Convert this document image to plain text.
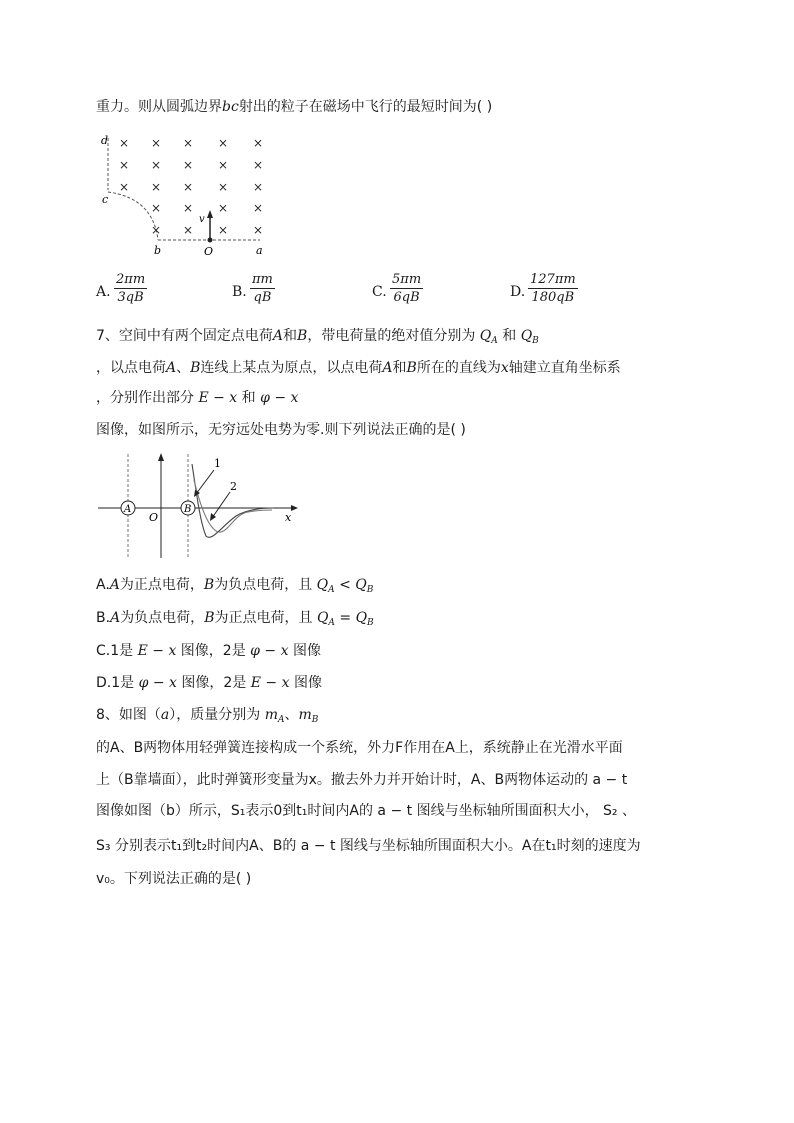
重力。则从圆弧边界bc射出的粒子在磁场中飞行的最短时间为( )
× × × × ×
× × × × ×
× × × × ×
× × × ×
× × × ×
d
c
b	O	a
v
A. $\frac{2\pi m}{3qB}$	B. $\frac{\pi m}{qB}$	C. $\frac{5\pi m}{6qB}$	D. $\frac{127\pi m}{180qB}$
7、空间中有两个固定点电荷A和B，带电荷量的绝对值分别为 $Q_A$ 和 $Q_B$
，以点电荷A、B连线上某点为原点，以点电荷A和B所在的直线为x轴建立直角坐标系
，分别作出部分 E − x 和 φ − x
图像，如图所示，无穷远处电势为零.则下列说法正确的是( )
A	B
O	x
1
2
A.A为正点电荷，B为负点电荷，且 $Q_A < Q_B$
B.A为负点电荷，B为正点电荷，且 $Q_A = Q_B$
C.1是 E − x 图像，2是 φ − x 图像
D.1是 φ − x 图像，2是 E − x 图像
8、如图（a），质量分别为 $m_A$、$m_B$
的A、B两物体用轻弹簧连接构成一个系统，外力F作用在A上，系统静止在光滑水平面
上（B靠墙面），此时弹簧形变量为x。撤去外力并开始计时，A、B两物体运动的 a − t
图像如图（b）所示，S₁表示0到t₁时间内A的 a − t 图线与坐标轴所围面积大小， S₂ 、
S₃ 分别表示t₁到t₂时间内A、B的 a − t 图线与坐标轴所围面积大小。A在t₁时刻的速度为
v₀。下列说法正确的是( )
